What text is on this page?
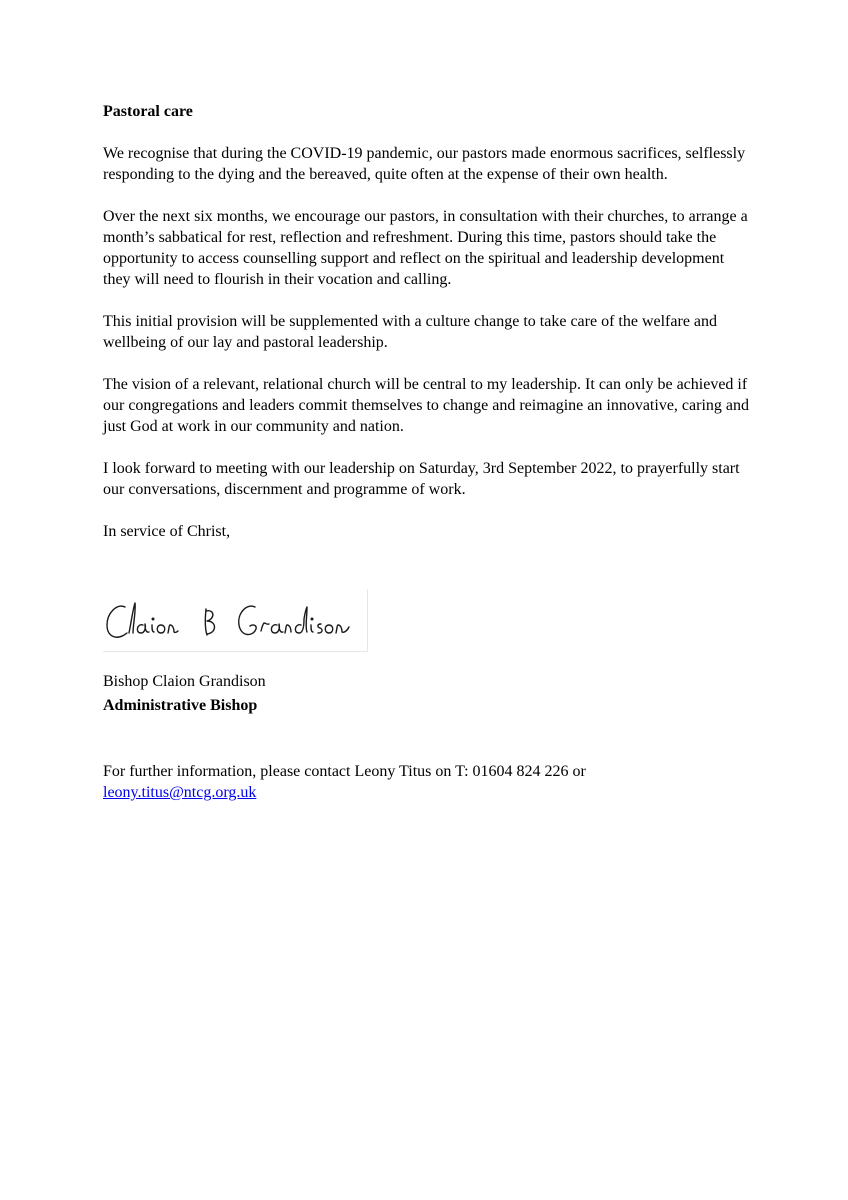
Pastoral care

We recognise that during the COVID-19 pandemic, our pastors made enormous sacrifices, selflessly responding to the dying and the bereaved, quite often at the expense of their own health.

Over the next six months, we encourage our pastors, in consultation with their churches, to arrange a month’s sabbatical for rest, reflection and refreshment. During this time, pastors should take the opportunity to access counselling support and reflect on the spiritual and leadership development they will need to flourish in their vocation and calling.

This initial provision will be supplemented with a culture change to take care of the welfare and wellbeing of our lay and pastoral leadership.

The vision of a relevant, relational church will be central to my leadership. It can only be achieved if our congregations and leaders commit themselves to change and reimagine an innovative, caring and just God at work in our community and nation.

I look forward to meeting with our leadership on Saturday, 3rd September 2022, to prayerfully start our conversations, discernment and programme of work.

In service of Christ,

Bishop Claion Grandison
Administrative Bishop
For further information, please contact Leony Titus on T: 01604 824 226 or
leony.titus@ntcg.org.uk
